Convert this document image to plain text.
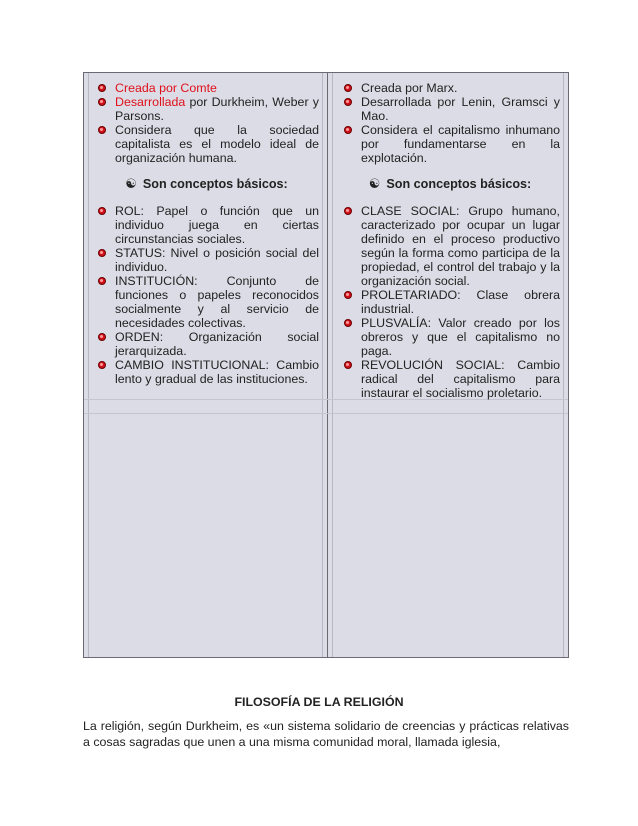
Creada por Comte
Desarrollada por Durkheim, Weber y Parsons.
Considera que la sociedad capitalista es el modelo ideal de organización humana.
☯ Son conceptos básicos:
ROL: Papel o función que un individuo juega en ciertas circunstancias sociales.
STATUS: Nivel o posición social del individuo.
INSTITUCIÓN: Conjunto de funciones o papeles reconocidos socialmente y al servicio de necesidades colectivas.
ORDEN: Organización social jerarquizada.
CAMBIO INSTITUCIONAL: Cambio lento y gradual de las instituciones.
Creada por Marx.
Desarrollada por Lenin, Gramsci y Mao.
Considera el capitalismo inhumano por fundamentarse en la explotación.
☯ Son conceptos básicos:
CLASE SOCIAL: Grupo humano, caracterizado por ocupar un lugar definido en el proceso productivo según la forma como participa de la propiedad, el control del trabajo y la organización social.
PROLETARIADO: Clase obrera industrial.
PLUSVALÍA: Valor creado por los obreros y que el capitalismo no paga.
REVOLUCIÓN SOCIAL: Cambio radical del capitalismo para instaurar el socialismo proletario.
FILOSOFÍA DE LA RELIGIÓN
La religión, según Durkheim, es «un sistema solidario de creencias y prácticas relativas a cosas sagradas que unen a una misma comunidad moral, llamada iglesia,
